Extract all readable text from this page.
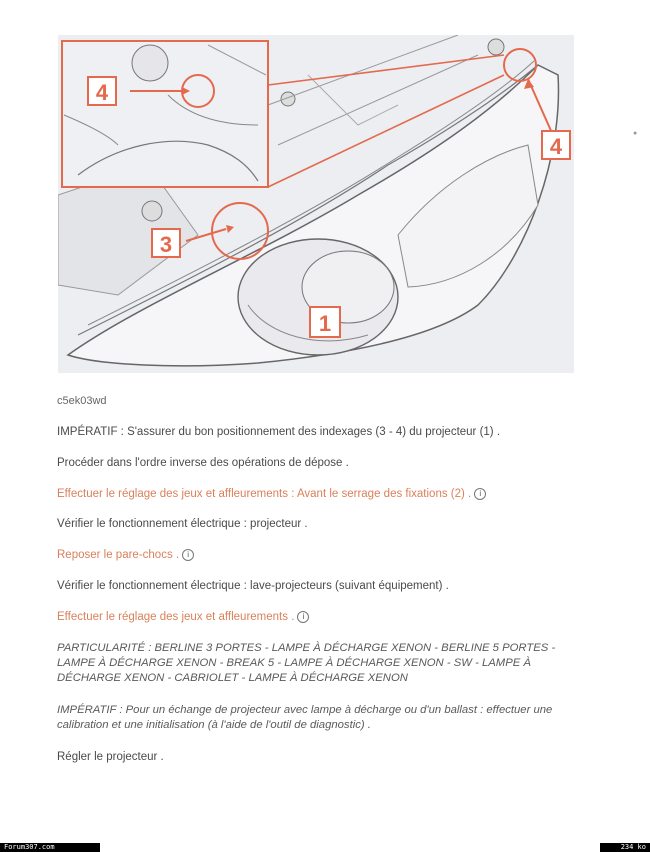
4
4
3
1
●
c5ek03wd
IMPÉRATIF : S'assurer du bon positionnement des indexages (3 - 4) du projecteur (1) .
Procéder dans l'ordre inverse des opérations de dépose .
Effectuer le réglage des jeux et affleurements : Avant le serrage des fixations (2) . i
Vérifier le fonctionnement électrique : projecteur .
Reposer le pare-chocs . i
Vérifier le fonctionnement électrique : lave-projecteurs (suivant équipement) .
Effectuer le réglage des jeux et affleurements . i
PARTICULARITÉ : BERLINE 3 PORTES - LAMPE À DÉCHARGE XENON - BERLINE 5 PORTES - LAMPE À DÉCHARGE XENON - BREAK 5 - LAMPE À DÉCHARGE XENON - SW - LAMPE À DÉCHARGE XENON - CABRIOLET - LAMPE À DÉCHARGE XENON
IMPÉRATIF : Pour un échange de projecteur avec lampe à décharge ou d'un ballast : effectuer une calibration et une initialisation (à l'aide de l'outil de diagnostic) .
Régler le projecteur .
Forum307.com	234 ko
